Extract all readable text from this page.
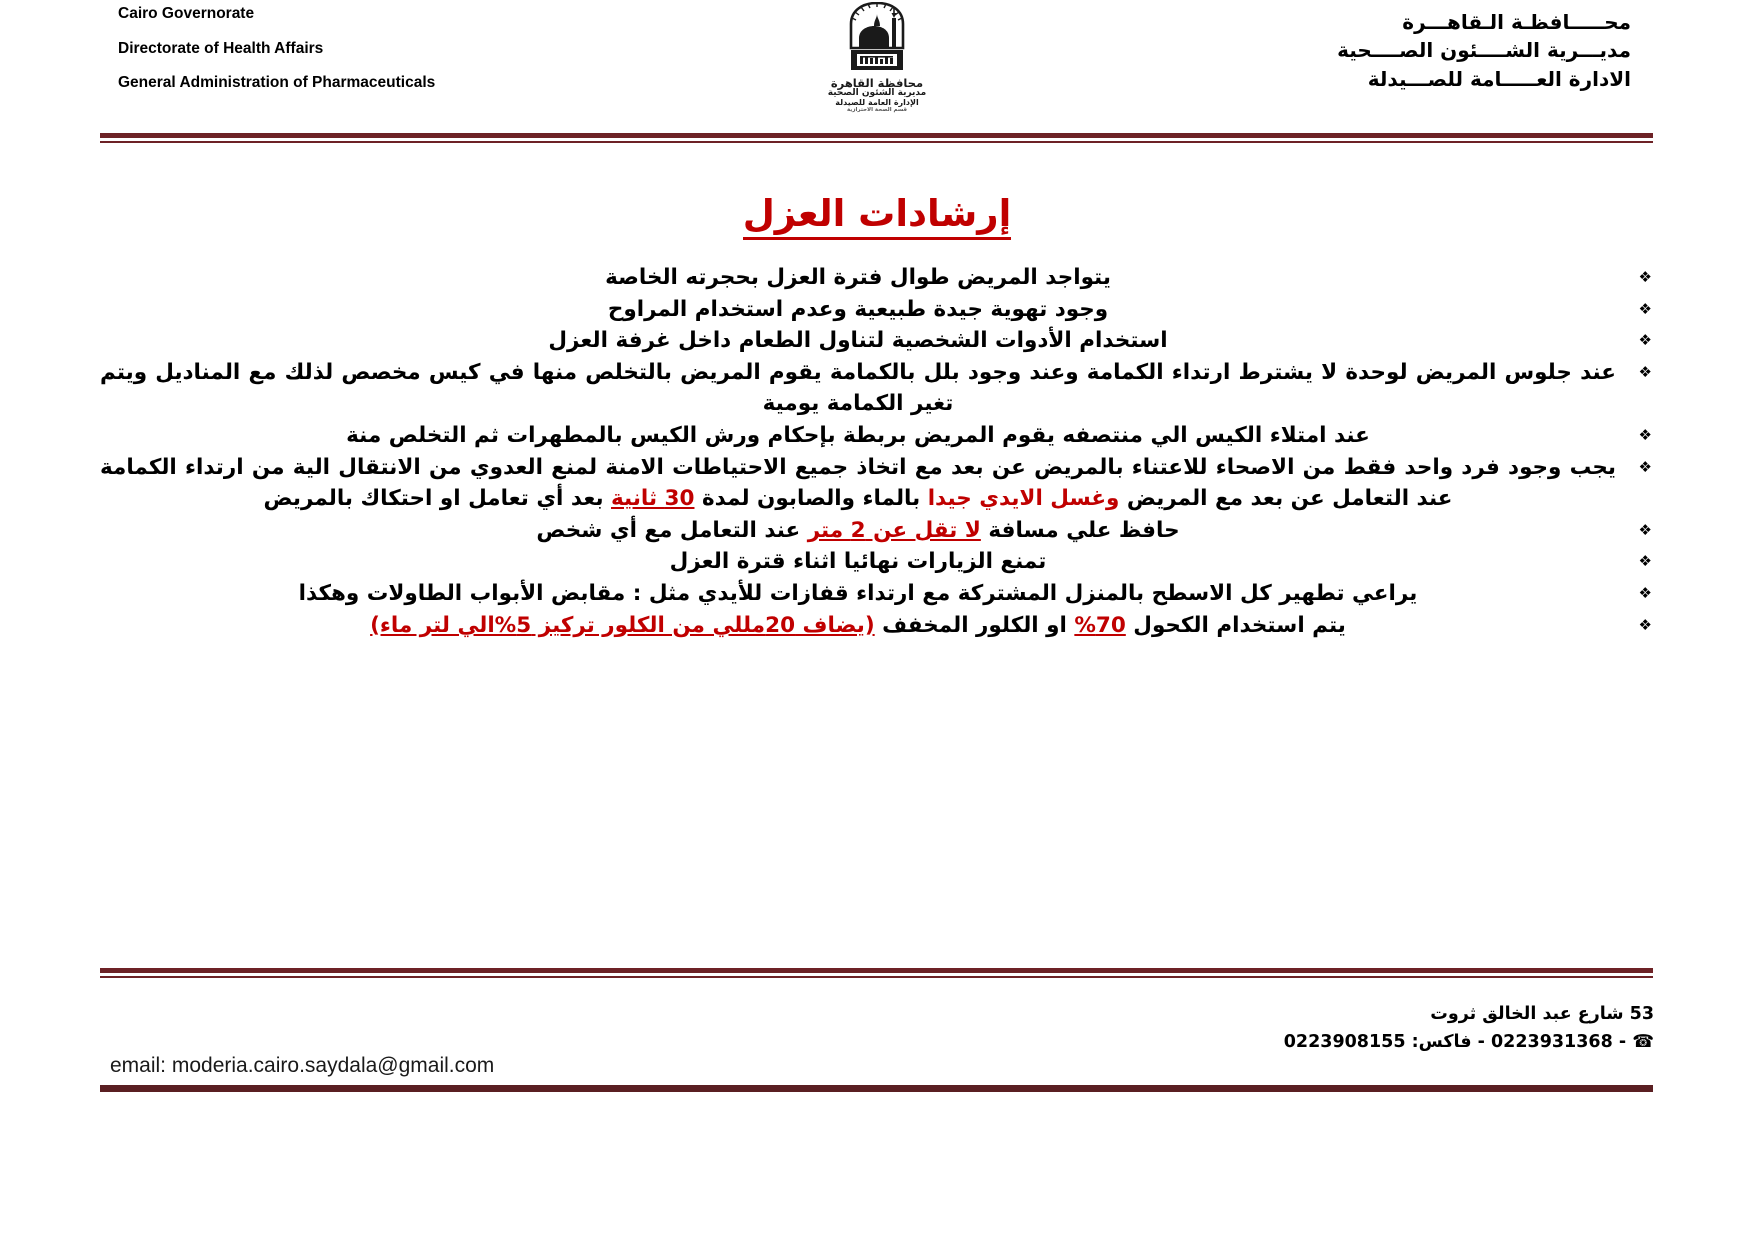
Cairo Governorate
Directorate of Health Affairs
General Administration of Pharmaceuticals	محافظة القاهرة
مديرية الشئون الصحية
الإدارة العامة للصيدلة
قسم الصحة الاحترازية
محـــــافظـة الـقاهـــرة
مديـــرية الشــــئون الصــــحية
الادارة العـــــامة للصـــيدلة
إرشادات العزل
❖
يتواجد المريض طوال فترة العزل بحجرته الخاصة
❖
وجود تهوية جيدة طبيعية وعدم استخدام المراوح
❖
استخدام الأدوات الشخصية لتناول الطعام داخل غرفة العزل
❖
عند جلوس المريض لوحدة لا يشترط ارتداء الكمامة وعند وجود بلل بالكمامة يقوم المريض بالتخلص منها في كيس مخصص لذلك مع المناديل ويتم تغير الكمامة يومية
❖
عند امتلاء الكيس الي منتصفه يقوم المريض بربطة بإحكام ورش الكيس بالمطهرات ثم التخلص منة
❖
يجب وجود فرد واحد فقط من الاصحاء للاعتناء بالمريض عن بعد مع اتخاذ جميع الاحتياطات الامنة لمنع العدوي من الانتقال الية من ارتداء الكمامة عند التعامل عن بعد مع المريض وغسل الايدي جيدا بالماء والصابون لمدة 30 ثانية بعد أي تعامل او احتكاك بالمريض
❖
حافظ علي مسافة لا تقل عن 2 متر عند التعامل مع أي شخص
❖
تمنع الزيارات نهائيا اثناء قترة العزل
❖
يراعي تطهير كل الاسطح بالمنزل المشتركة مع ارتداء قفازات للأيدي مثل : مقابض الأبواب الطاولات وهكذا
❖
يتم استخدام الكحول 70% او الكلور المخفف (يضاف 20مللي من الكلور تركيز 5%الي لتر ماء)
53 شارع عبد الخالق ثروت
☎ - 0223931368 - فاكس: 0223908155
email: moderia.cairo.saydala@gmail.com
